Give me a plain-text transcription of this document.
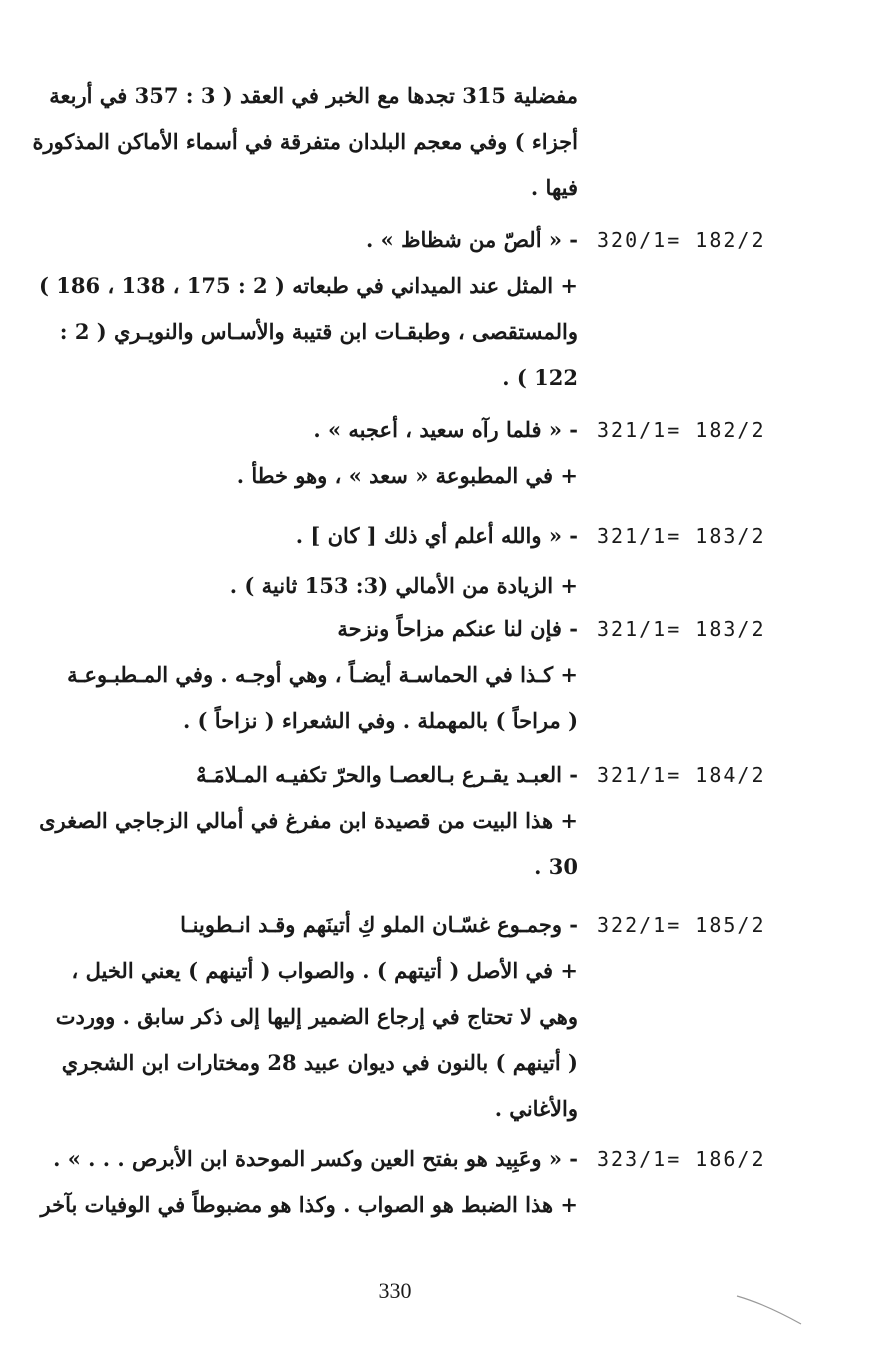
مفضلية 315 تجدها مع الخبر في العقد ( 3 : 357 في أربعة
أجزاء ) وفي معجم البلدان متفرقة في أسماء الأماكن المذكورة
فيها .
320/1= 182/2
- « ألصّ من شظاظ » .
+ المثل عند الميداني في طبعاته ( 2 : 175 ، 138 ، 186 )
والمستقصى ، وطبقـات ابن قتيبة والأسـاس والنويـري ( 2 :
122 ) .
321/1= 182/2
- « فلما رآه سعيد ، أعجبه » .
+ في المطبوعة « سعد » ، وهو خطأ .
321/1= 183/2
- « والله أعلم أي ذلك [ كان ] .
+ الزيادة من الأمالي (3: 153 ثانية ) .
321/1= 183/2
- فإن لنا عنكم مزاحاً ونزحة
+ كـذا في الحماسـة أيضـاً ، وهي أوجـه . وفي المـطبـوعـة
( مراحاً ) بالمهملة . وفي الشعراء ( نزاحاً ) .
321/1= 184/2
- العبـد يقـرع بـالعصـا والحرّ تكفيـه المـلامَـهْ
+ هذا البيت من قصيدة ابن مفرغ في أمالي الزجاجي الصغرى
30 .
322/1= 185/2
- وجمـوع غسّـان الملو كِ أتينَهم وقـد انـطوينـا
+ في الأصل ( أتيتهم ) . والصواب ( أتينهم ) يعني الخيل ،
وهي لا تحتاج في إرجاع الضمير إليها إلى ذكر سابق . ووردت
( أتينهم ) بالنون في ديوان عبيد 28 ومختارات ابن الشجري
والأغاني .
323/1= 186/2
- « وعَبِيد هو بفتح العين وكسر الموحدة ابن الأبرص . . . » .
+ هذا الضبط هو الصواب . وكذا هو مضبوطاً في الوفيات بآخر
330
